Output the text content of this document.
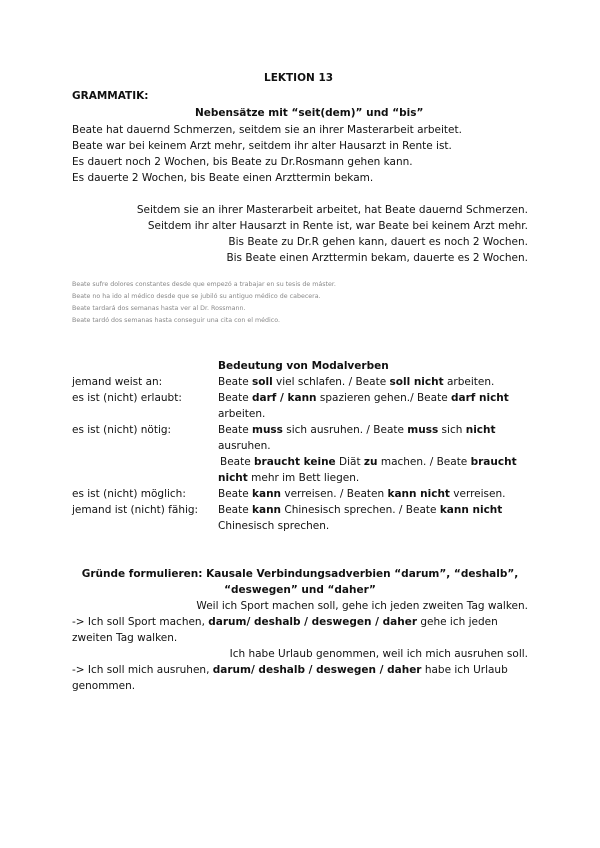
LEKTION 13
GRAMMATIK:
Nebensätze mit “seit(dem)” und “bis”
Beate hat dauernd Schmerzen, seitdem sie an ihrer Masterarbeit arbeitet.
Beate war bei keinem Arzt mehr, seitdem ihr alter Hausarzt in Rente ist.
Es dauert noch 2 Wochen, bis Beate zu Dr.Rosmann gehen kann.
Es dauerte 2 Wochen, bis Beate einen Arzttermin bekam.
Seitdem sie an ihrer Masterarbeit arbeitet, hat Beate dauernd Schmerzen.
Seitdem ihr alter Hausarzt in Rente ist, war Beate bei keinem Arzt mehr.
Bis Beate zu Dr.R gehen kann, dauert es noch 2 Wochen.
Bis Beate einen Arzttermin bekam, dauerte es 2 Wochen.
Beate sufre dolores constantes desde que empezó a trabajar en su tesis de máster.
Beate no ha ido al médico desde que se jubiló su antiguo médico de cabecera.
Beate tardará dos semanas hasta ver al Dr. Rossmann.
Beate tardó dos semanas hasta conseguir una cita con el médico.
Bedeutung von Modalverben
jemand weist an:	Beate soll viel schlafen. / Beate soll nicht arbeiten.
es ist (nicht) erlaubt:	Beate darf / kann spazieren gehen./ Beate darf nicht
arbeiten.
es ist (nicht) nötig:	Beate muss sich ausruhen. / Beate muss sich nicht
ausruhen.
Beate braucht keine Diät zu machen. / Beate braucht
nicht mehr im Bett liegen.
es ist (nicht) möglich:	Beate kann verreisen. / Beaten kann nicht verreisen.
jemand ist (nicht) fähig: Beate kann Chinesisch sprechen. / Beate kann nicht
Chinesisch sprechen.
Gründe formulieren: Kausale Verbindungsadverbien “darum”, “deshalb”,
“deswegen” und “daher”
Weil ich Sport machen soll, gehe ich jeden zweiten Tag walken.
-> Ich soll Sport machen, darum/ deshalb / deswegen / daher gehe ich jeden
zweiten Tag walken.
Ich habe Urlaub genommen, weil ich mich ausruhen soll.
-> Ich soll mich ausruhen, darum/ deshalb / deswegen / daher habe ich Urlaub
genommen.
